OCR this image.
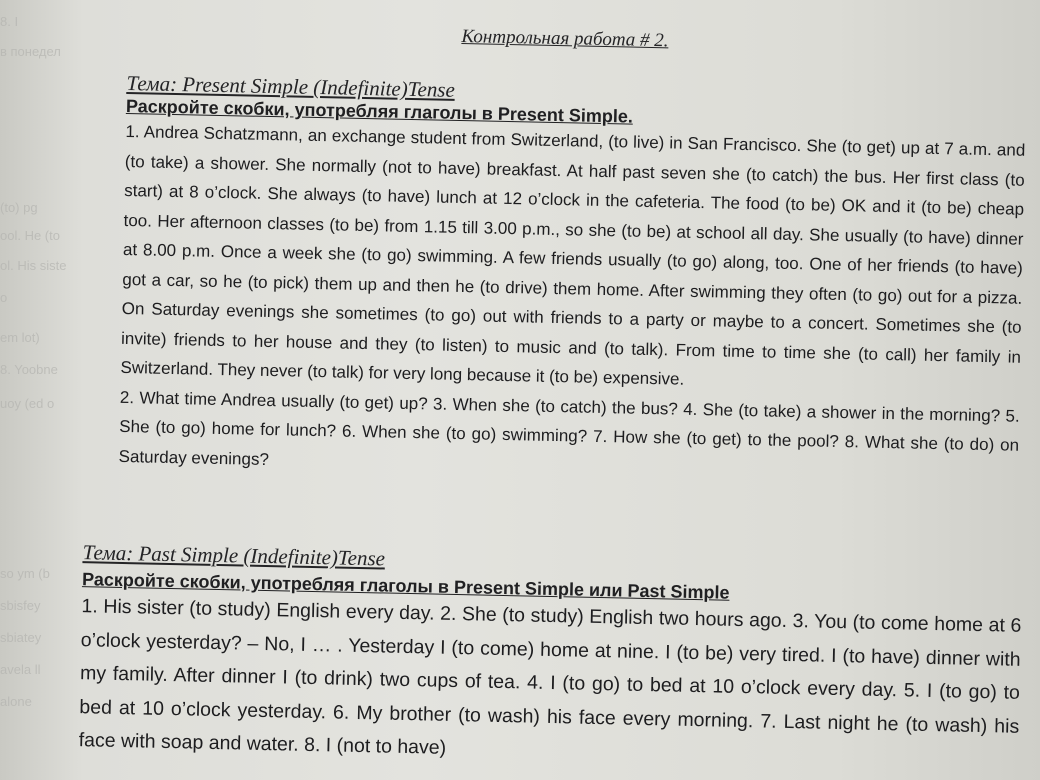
8. I
в понедел
(to) pg
ool. He (to
ol. His siste
o
em lot)
8. Yoobne
uoy (ed o
so ym (b
sbisfey
sbiatey
avela ll
alone
Контрольная работа # 2.

Тема: Present Simple (Indefinite)Tense

Раскройте скобки, употребляя глаголы в Present Simple.

1. Andrea Schatzmann, an exchange student from Switzerland, (to live) in San Francisco. She (to get) up at 7 a.m. and (to take) a shower. She normally (not to have) breakfast. At half past seven she (to catch) the bus. Her first class (to start) at 8 o’clock. She always (to have) lunch at 12 o’clock in the cafeteria. The food (to be) OK and it (to be) cheap too. Her afternoon classes (to be) from 1.15 till 3.00 p.m., so she (to be) at school all day. She usually (to have) dinner at 8.00 p.m. Once a week she (to go) swimming. A few friends usually (to go) along, too. One of her friends (to have) got a car, so he (to pick) them up and then he (to drive) them home. After swimming they often (to go) out for a pizza. On Saturday evenings she sometimes (to go) out with friends to a party or maybe to a concert. Sometimes she (to invite) friends to her house and they (to listen) to music and (to talk). From time to time she (to call) her family in Switzerland. They never (to talk) for very long because it (to be) expensive.

2. What time Andrea usually (to get) up? 3. When she (to catch) the bus? 4. She (to take) a shower in the morning? 5. She (to go) home for lunch? 6. When she (to go) swimming? 7. How she (to get) to the pool? 8. What she (to do) on Saturday evenings?

Тема: Past Simple (Indefinite)Tense

Раскройте скобки, употребляя глаголы в Present Simple или Past Simple

1. His sister (to study) English every day. 2. She (to study) English two hours ago. 3. You (to come home at 6 o’clock yesterday? – No, I … . Yesterday I (to come) home at nine. I (to be) very tired. I (to have) dinner with my family. After dinner I (to drink) two cups of tea. 4. I (to go) to bed at 10 o’clock every day. 5. I (to go) to bed at 10 o’clock yesterday. 6. My brother (to wash) his face every morning. 7. Last night he (to wash) his face with soap and water. 8. I (not to have)
